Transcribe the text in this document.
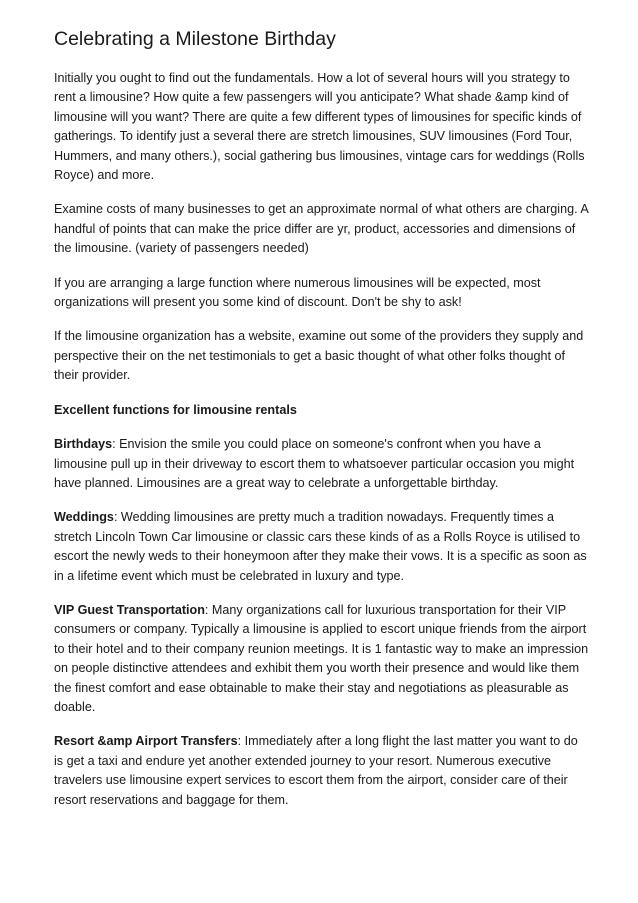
Celebrating a Milestone Birthday

Initially you ought to find out the fundamentals. How a lot of several hours will you strategy to rent a limousine? How quite a few passengers will you anticipate? What shade &amp kind of limousine will you want? There are quite a few different types of limousines for specific kinds of gatherings. To identify just a several there are stretch limousines, SUV limousines (Ford Tour, Hummers, and many others.), social gathering bus limousines, vintage cars for weddings (Rolls Royce) and more.

Examine costs of many businesses to get an approximate normal of what others are charging. A handful of points that can make the price differ are yr, product, accessories and dimensions of the limousine. (variety of passengers needed)

If you are arranging a large function where numerous limousines will be expected, most organizations will present you some kind of discount. Don't be shy to ask!

If the limousine organization has a website, examine out some of the providers they supply and perspective their on the net testimonials to get a basic thought of what other folks thought of their provider.

Excellent functions for limousine rentals

Birthdays: Envision the smile you could place on someone's confront when you have a limousine pull up in their driveway to escort them to whatsoever particular occasion you might have planned. Limousines are a great way to celebrate a unforgettable birthday.

Weddings: Wedding limousines are pretty much a tradition nowadays. Frequently times a stretch Lincoln Town Car limousine or classic cars these kinds of as a Rolls Royce is utilised to escort the newly weds to their honeymoon after they make their vows. It is a specific as soon as in a lifetime event which must be celebrated in luxury and type.

VIP Guest Transportation: Many organizations call for luxurious transportation for their VIP consumers or company. Typically a limousine is applied to escort unique friends from the airport to their hotel and to their company reunion meetings. It is 1 fantastic way to make an impression on people distinctive attendees and exhibit them you worth their presence and would like them the finest comfort and ease obtainable to make their stay and negotiations as pleasurable as doable.

Resort &amp Airport Transfers: Immediately after a long flight the last matter you want to do is get a taxi and endure yet another extended journey to your resort. Numerous executive travelers use limousine expert services to escort them from the airport, consider care of their resort reservations and baggage for them.
